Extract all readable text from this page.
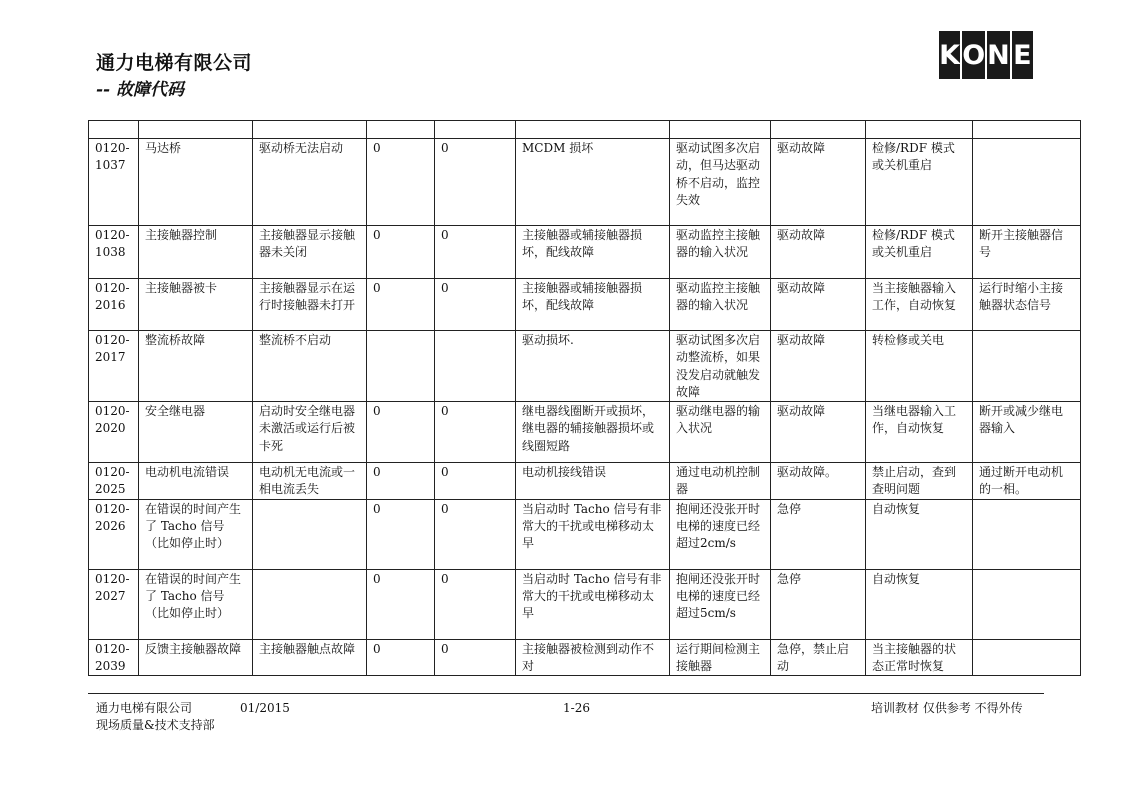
通力电梯有限公司
-- 故障代码
K O N E

0120-1037	马达桥	驱动桥无法启动	0	0	MCDM 损坏	驱动试图多次启动，但马达驱动桥不启动，监控失效	驱动故障	检修/RDF 模式或关机重启	
0120-1038	主接触器控制	主接触器显示接触器未关闭	0	0	主接触器或辅接触器损坏，配线故障	驱动监控主接触器的输入状况	驱动故障	检修/RDF 模式或关机重启	断开主接触器信号
0120-2016	主接触器被卡	主接触器显示在运行时接触器未打开	0	0	主接触器或辅接触器损坏，配线故障	驱动监控主接触器的输入状况	驱动故障	当主接触器输入工作，自动恢复	运行时缩小主接触器状态信号
0120-2017	整流桥故障	整流桥不启动			驱动损坏.	驱动试图多次启动整流桥，如果没发启动就触发故障	驱动故障	转检修或关电	
0120-2020	安全继电器	启动时安全继电器未激活或运行后被卡死	0	0	继电器线圈断开或损坏，继电器的辅接触器损坏或线圈短路	驱动继电器的输入状况	驱动故障	当继电器输入工作，自动恢复	断开或减少继电器输入
0120-2025	电动机电流错误	电动机无电流或一相电流丢失	0	0	电动机接线错误	通过电动机控制器	驱动故障。	禁止启动，查到查明问题	通过断开电动机的一相。
0120-2026	在错误的时间产生了 Tacho 信号（比如停止时）		0	0	当启动时 Tacho 信号有非常大的干扰或电梯移动太早	抱闸还没张开时电梯的速度已经超过2cm/s	急停	自动恢复	
0120-2027	在错误的时间产生了 Tacho 信号（比如停止时）		0	0	当启动时 Tacho 信号有非常大的干扰或电梯移动太早	抱闸还没张开时电梯的速度已经超过5cm/s	急停	自动恢复	
0120-2039	反馈主接触器故障	主接触器触点故障	0	0	主接触器被检测到动作不对	运行期间检测主接触器	急停，禁止启动	当主接触器的状态正常时恢复	
通力电梯有限公司	01/2015
现场质量&技术支持部
1-26	培训教材 仅供参考 不得外传
